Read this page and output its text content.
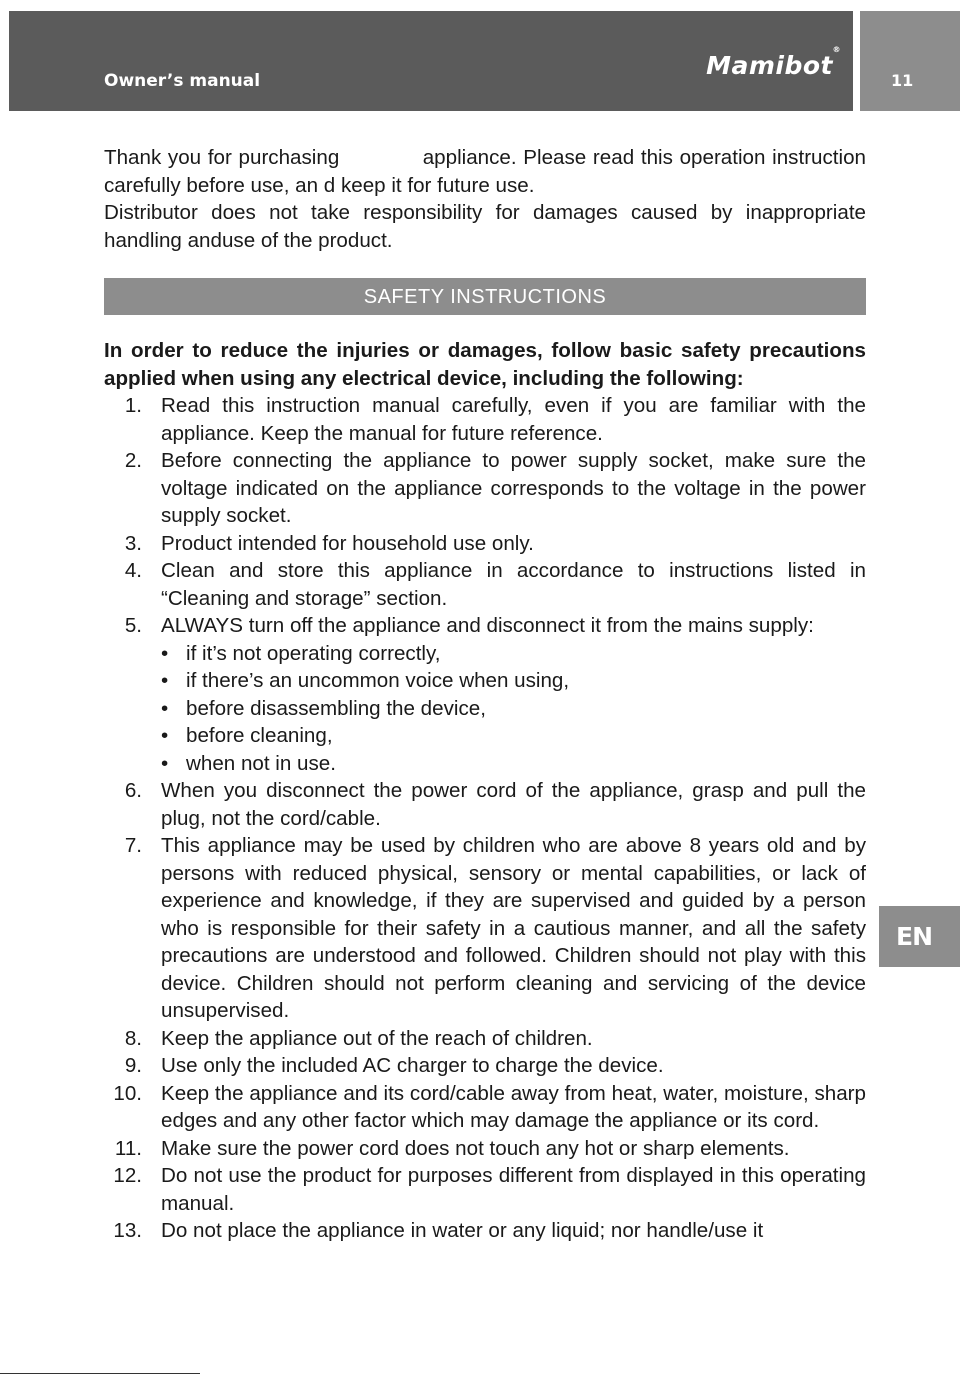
Owner’s manual
Mamibot
®
11
EN

Thank you for purchasing	appliance. Please read this operation instruction carefully before use, an d keep it for future use.

Distributor does not take responsibility for damages caused by inappropriate handling anduse of the product.

SAFETY INSTRUCTIONS

In order to reduce the injuries or damages, follow basic safety precautions applied when using any electrical device, including the following:

1. Read this instruction manual carefully, even if you are familiar with the appliance. Keep the manual for future reference.
2. Before connecting the appliance to power supply socket, make sure the voltage indicated on the appliance corresponds to the voltage in the power supply socket.
3. Product intended for household use only.
4. Clean and store this appliance in accordance to instructions listed in “Cleaning and storage” section.
5. ALWAYS turn off the appliance and disconnect it from the mains supply:
• if it’s not operating correctly,
• if there’s an uncommon voice when using,
• before disassembling the device,
• before cleaning,
• when not in use.
6. When you disconnect the power cord of the appliance, grasp and pull the plug, not the cord/cable.
7. This appliance may be used by children who are above 8 years old and by persons with reduced physical, sensory or mental capabilities, or lack of experience and knowledge, if they are supervised and guided by a person who is responsible for their safety in a cautious manner, and all the safety precautions are understood and followed. Children should not play with this device. Children should not perform cleaning and servicing of the device unsupervised.
8. Keep the appliance out of the reach of children.
9. Use only the included AC charger to charge the device.
10. Keep the appliance and its cord/cable away from heat, water, moisture, sharp edges and any other factor which may damage the appliance or its cord.
11. Make sure the power cord does not touch any hot or sharp elements.
12. Do not use the product for purposes different from displayed in this operating manual.
13. Do not place the appliance in water or any liquid; nor handle/use it
